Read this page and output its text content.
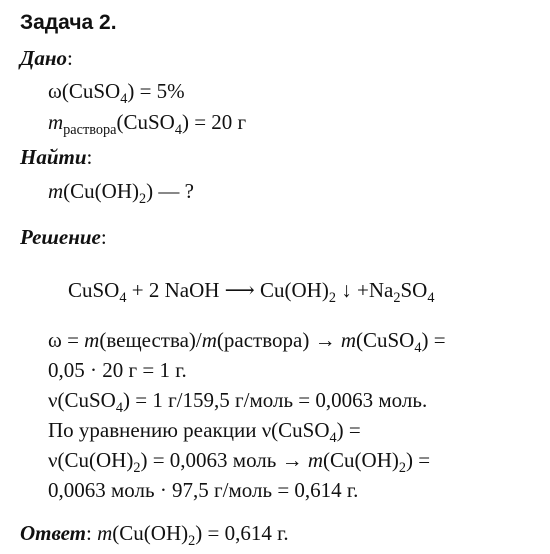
Задача 2.
Дано:
ω(CuSO$_4$) = 5%
$m_{раствора}(CuSO_4) = 20$ г
Найти:
$m(Cu(OH)_2)$ — ?
Решение:
CuSO$_4$ + 2 NaOH ⟶ $Cu(OH)_2$ ↓ $+Na_2SO_4$
ω = m(вещества)/m(раствора) → m(CuSO$_4$) =
0,05 · 20 г = 1 г.
ν(CuSO$_4$) = 1 г/159,5 г/моль = 0,0063 моль.
По уравнению реакции ν(CuSO$_4$) =
$\nu(Cu(OH)_2) = 0,0063$ моль → $m(Cu(OH)_2)$ =
0,0063 моль · 97,5 г/моль = 0,614 г.
Ответ: $m(Cu(OH)_2) = 0,614$ г.
